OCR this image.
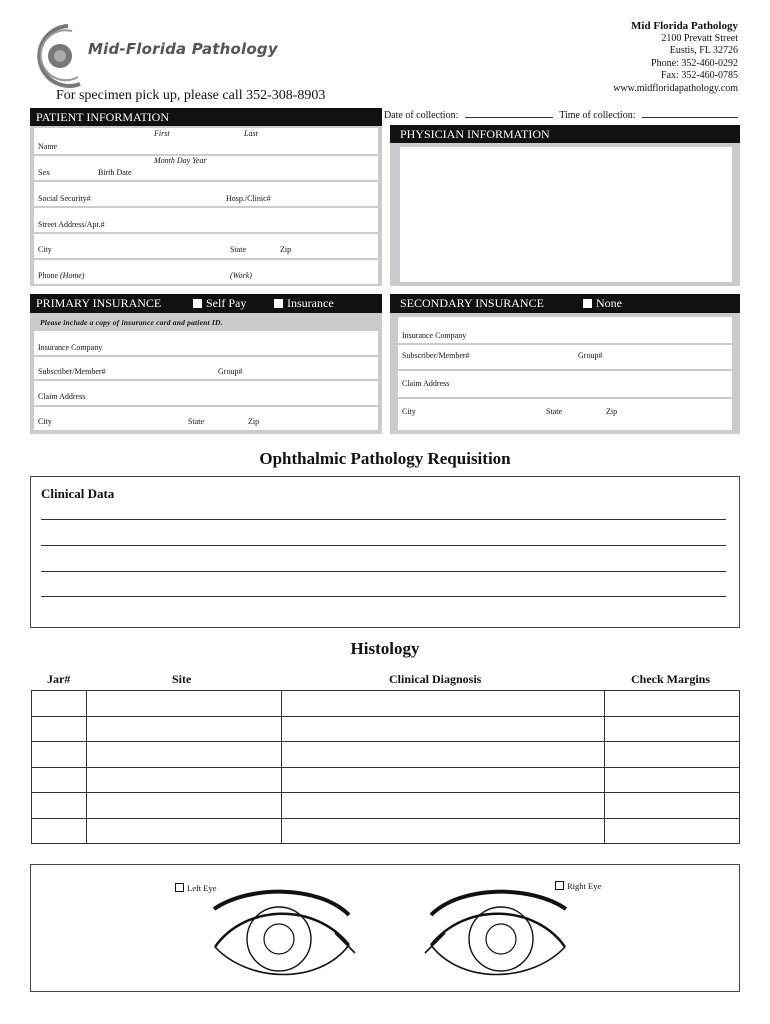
Mid-Florida Pathology
Mid Florida Pathology
2100 Prevatt Street
Eustis, FL 32726
Phone: 352-460-0292
Fax: 352-460-0785
www.midfloridapathology.com
For specimen pick up, please call 352-308-8903
Date of collection:	Time of collection:
PATIENT INFORMATION
First	Last
Name
Month Day Year
Sex	Birth Date
Social Security#	Hosp./Clinic#
Street Address/Apt.#
City	State	Zip
Phone (Home)	(Work)
PHYSICIAN INFORMATION
PRIMARY INSURANCE	Self Pay	Insurance
Please include a copy of insurance card and patient ID.
Insurance Company
Subscriber/Member#	Group#
Claim Address
City	State	Zip
SECONDARY INSURANCE	None
Insurance Company
Subscriber/Member#	Group#
Claim Address
City	State	Zip
Ophthalmic Pathology Requisition
Clinical Data
Histology
Jar#	Site	Clinical Diagnosis	Check Margins

Left Eye	Right Eye
